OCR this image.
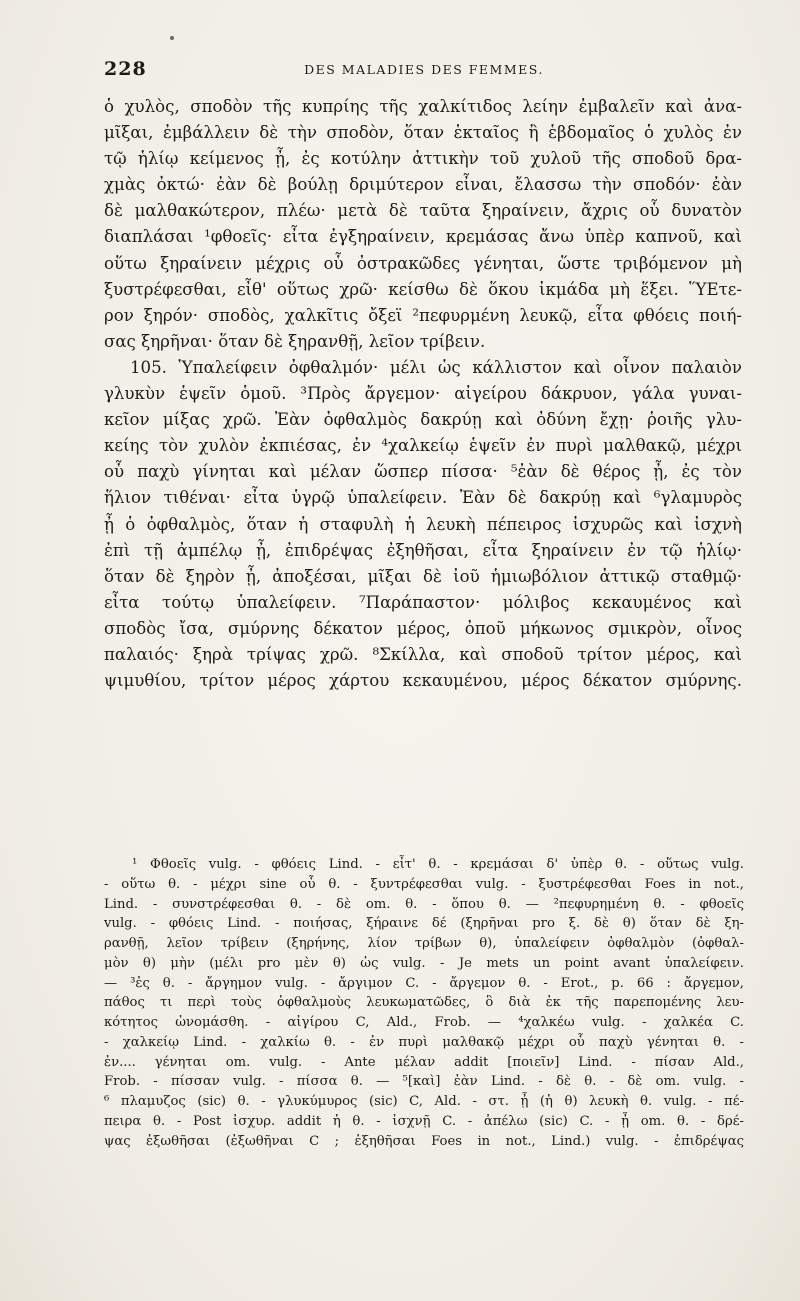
228	DES MALADIES DES FEMMES.
ὁ χυλὸς, σποδὸν τῆς κυπρίης τῆς χαλκίτιδος λείην ἐμβαλεῖν καὶ ἀνα-
μῖξαι, ἐμβάλλειν δὲ τὴν σποδὸν, ὅταν ἑκταῖος ἢ ἑβδομαῖος ὁ χυλὸς ἐν
τῷ ἡλίῳ κείμενος ᾖ, ἐς κοτύλην ἀττικὴν τοῦ χυλοῦ τῆς σποδοῦ δρα-
χμὰς ὀκτώ· ἐὰν δὲ βούλῃ δριμύτερον εἶναι, ἔλασσω τὴν σποδόν· ἐὰν
δὲ μαλθακώτερον, πλέω· μετὰ δὲ ταῦτα ξηραίνειν, ἄχρις οὗ δυνατὸν
διαπλάσαι ¹φθοεῖς· εἶτα ἐγξηραίνειν, κρεμάσας ἄνω ὑπὲρ καπνοῦ, καὶ
οὕτω ξηραίνειν μέχρις οὗ ὀστρακῶδες γένηται, ὥστε τριβόμενον μὴ
ξυστρέφεσθαι, εἶθ' οὕτως χρῶ· κείσθω δὲ ὅκου ἰκμάδα μὴ ἕξει. ὝΕτε-
ρον ξηρόν· σποδὸς, χαλκῖτις ὄξεϊ ²πεφυρμένη λευκῷ, εἶτα φθόεις ποιή-
σας ξηρῆναι· ὅταν δὲ ξηρανθῇ, λεῖον τρίβειν.
105. Ὑπαλείφειν ὀφθαλμόν· μέλι ὡς κάλλιστον καὶ οἶνον παλαιὸν
γλυκὺν ἑψεῖν ὁμοῦ. ³Πρὸς ἄργεμον· αἰγείρου δάκρυον, γάλα γυναι-
κεῖον μίξας χρῶ. Ἐὰν ὀφθαλμὸς δακρύῃ καὶ ὀδύνη ἔχῃ· ῥοιῆς γλυ-
κείης τὸν χυλὸν ἐκπιέσας, ἐν ⁴χαλκείῳ ἑψεῖν ἐν πυρὶ μαλθακῷ, μέχρι
οὗ παχὺ γίνηται καὶ μέλαν ὥσπερ πίσσα· ⁵ἐὰν δὲ θέρος ᾖ, ἐς τὸν
ἥλιον τιθέναι· εἶτα ὑγρῷ ὑπαλείφειν. Ἐὰν δὲ δακρύῃ καὶ ⁶γλαμυρὸς
ᾖ ὁ ὀφθαλμὸς, ὅταν ἡ σταφυλὴ ἡ λευκὴ πέπειρος ἰσχυρῶς καὶ ἰσχνὴ
ἐπὶ τῇ ἀμπέλῳ ᾖ, ἐπιδρέψας ἐξηθῆσαι, εἶτα ξηραίνειν ἐν τῷ ἡλίῳ·
ὅταν δὲ ξηρὸν ᾖ, ἀποξέσαι, μῖξαι δὲ ἰοῦ ἡμιωβόλιον ἀττικῷ σταθμῷ·
εἶτα τούτῳ ὑπαλείφειν. ⁷Παράπαστον· μόλιβος κεκαυμένος καὶ
σποδὸς ἴσα, σμύρνης δέκατον μέρος, ὀποῦ μήκωνος σμικρὸν, οἶνος
παλαιός· ξηρὰ τρίψας χρῶ. ⁸Σκίλλα, καὶ σποδοῦ τρίτον μέρος, καὶ
ψιμυθίου, τρίτον μέρος χάρτου κεκαυμένου, μέρος δέκατον σμύρνης.
¹ Φθοεῖς vulg. - φθόεις Lind. - εἶτ' θ. - κρεμάσαι δ' ὑπὲρ θ. - οὕτως vulg.
- οὕτω θ. - μέχρι sine οὗ θ. - ξυντρέφεσθαι vulg. - ξυστρέφεσθαι Foes in not.,
Lind. - συνστρέφεσθαι θ. - δὲ om. θ. - ὅπου θ. — ²πεφυρημένη θ. - φθοεῖς
vulg. - φθόεις Lind. - ποιήσας, ξήραινε δέ (ξηρῆναι pro ξ. δὲ θ) ὅταν δὲ ξη-
ρανθῇ, λεῖον τρίβειν (ξηρήνης, λίον τρίβων θ), ὑπαλείφειν ὀφθαλμὸν (ὀφθαλ-
μὸν θ) μὴν (μέλι pro μὲν θ) ὡς vulg. - Je mets un point avant ὑπαλείφειν.
— ³ἐς θ. - ἄργημον vulg. - ἄργιμον C. - ἄργεμον θ. - Erot., p. 66 : ἄργεμον,
πάθος τι περὶ τοὺς ὀφθαλμοὺς λευκωματῶδες, ὃ διὰ ἐκ τῆς παρεπομένης λευ-
κότητος ὠνομάσθη. - αἰγίρου C, Ald., Frob. — ⁴χαλκέω vulg. - χαλκέα C.
- χαλκείῳ Lind. - χαλκίω θ. - ἐν πυρὶ μαλθακῷ μέχρι οὗ παχὺ γένηται θ. -
ἐν.... γένηται om. vulg. - Ante μέλαν addit [ποιεῖν] Lind. - πίσαν Ald.,
Frob. - πίσσαν vulg. - πίσσα θ. — ⁵[καὶ] ἐὰν Lind. - δὲ θ. - δὲ om. vulg. -
⁶ πλαμυζος (sic) θ. - γλυκύμυρος (sic) C, Ald. - στ. ᾖ (ἡ θ) λευκὴ θ. vulg. - πέ-
πειρα θ. - Post ἰσχυρ. addit ἡ θ. - ἰσχνῇ C. - ἀπέλω (sic) C. - ᾖ om. θ. - δρέ-
ψας ἐξωθῆσαι (ἐξωθῆναι C ; ἐξηθῆσαι Foes in not., Lind.) vulg. - ἐπιδρέψας
